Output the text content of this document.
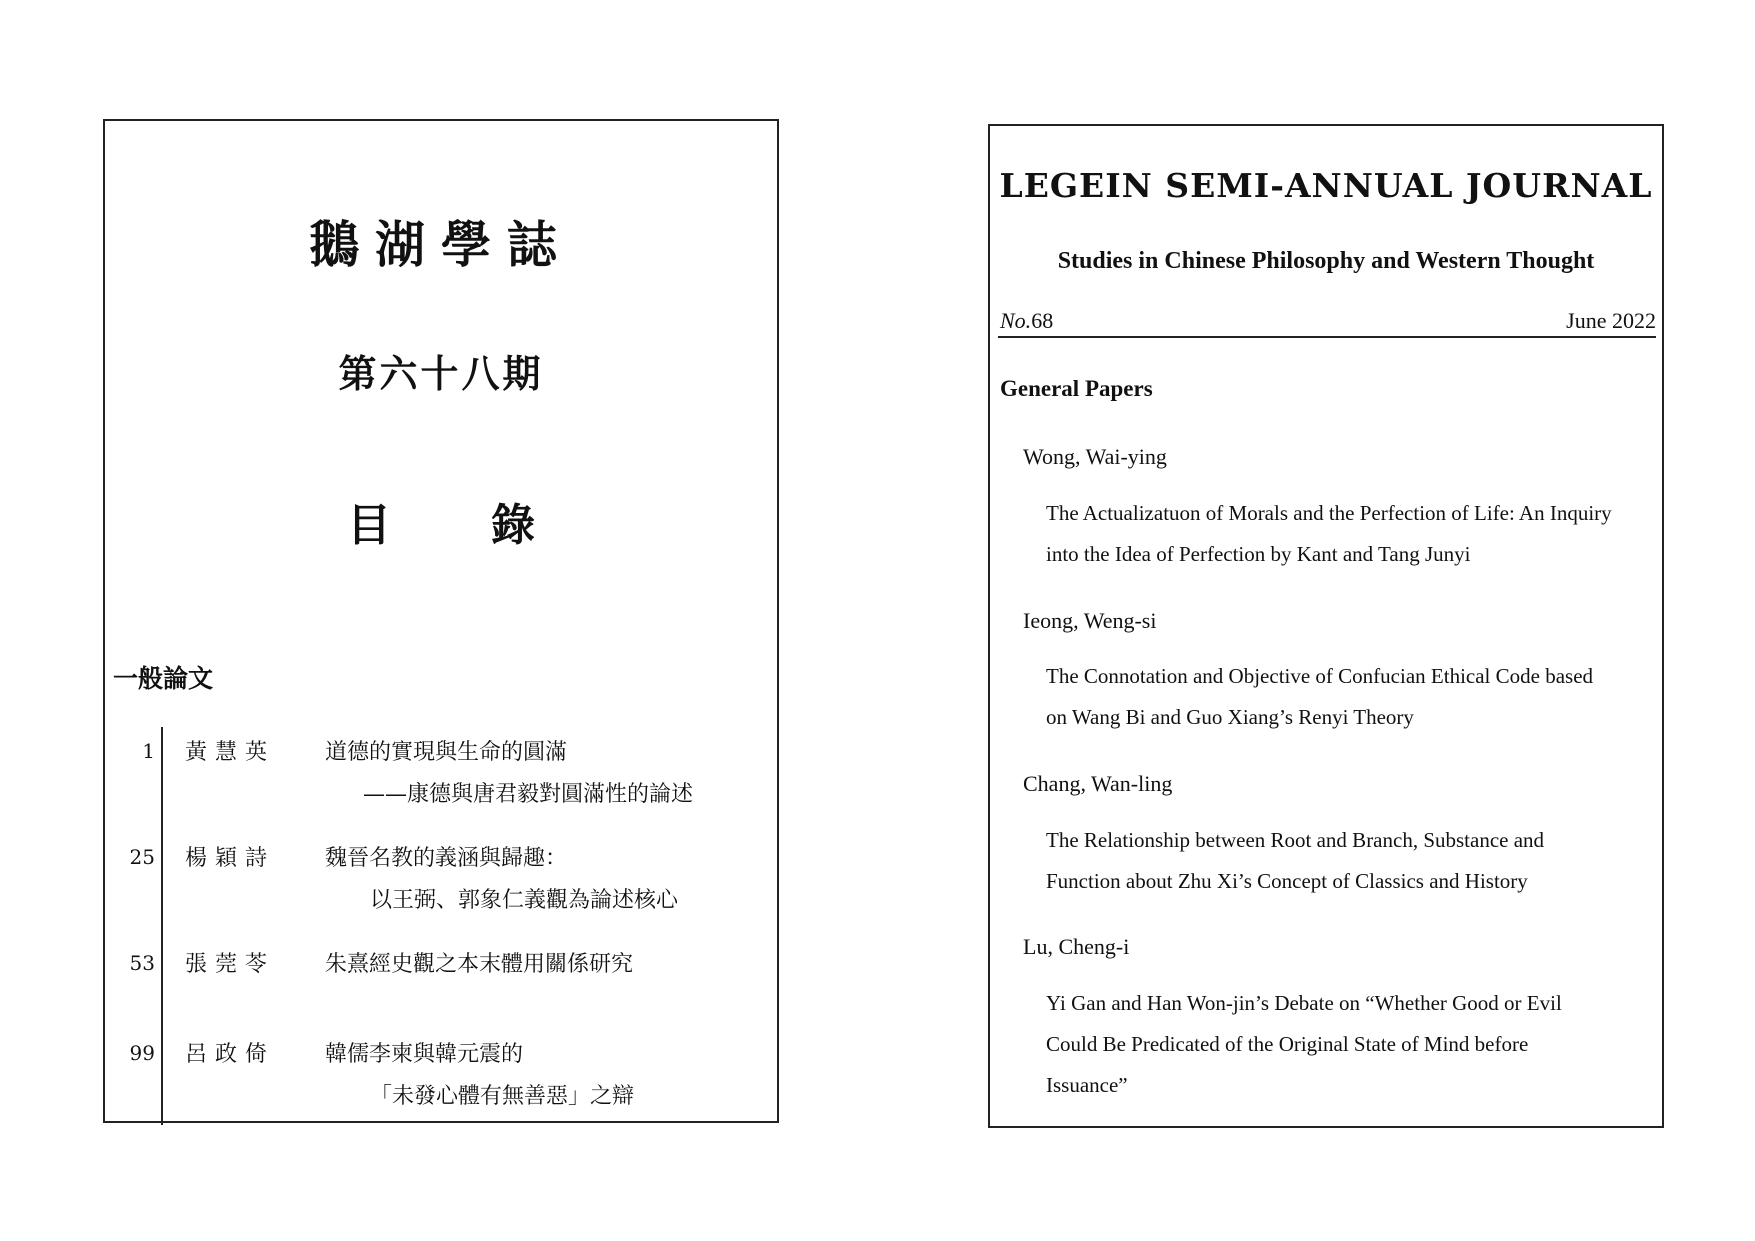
鵝湖學誌
第六十八期
目 錄
一般論文
1 黃慧英 道德的實現與生命的圓滿
——康德與唐君毅對圓滿性的論述
25 楊穎詩 魏晉名教的義涵與歸趣：
以王弼、郭象仁義觀為論述核心
53 張莞苓 朱熹經史觀之本末體用關係研究
99 呂政倚 韓儒李柬與韓元震的
「未發心體有無善惡」之辯
LEGEIN SEMI-ANNUAL JOURNAL
Studies in Chinese Philosophy and Western Thought
No.68	June 2022
General Papers
Wong, Wai-ying
The Actualizatuon of Morals and the Perfection of Life: An Inquiry
into the Idea of Perfection by Kant and Tang Junyi
Ieong, Weng-si
The Connotation and Objective of Confucian Ethical Code based
on Wang Bi and Guo Xiang’s Renyi Theory
Chang, Wan-ling
The Relationship between Root and Branch, Substance and
Function about Zhu Xi’s Concept of Classics and History
Lu, Cheng-i
Yi Gan and Han Won-jin’s Debate on “Whether Good or Evil
Could Be Predicated of the Original State of Mind before
Issuance”
